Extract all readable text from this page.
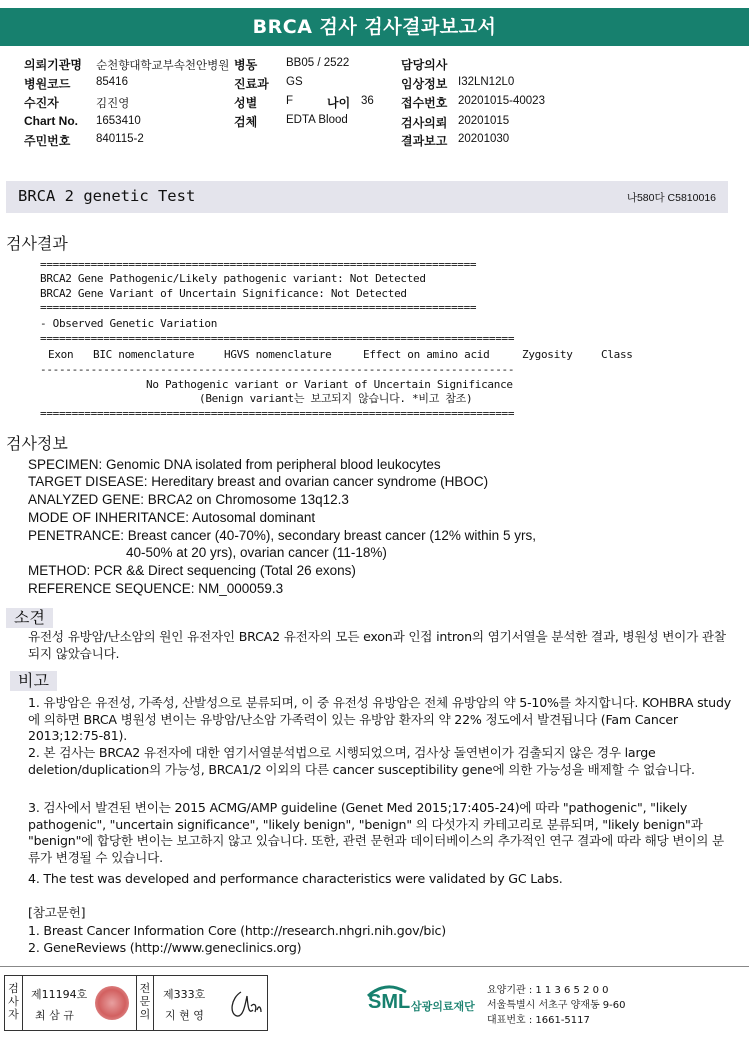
BRCA 검사 검사결과보고서
의뢰기관명 순천향대학교부속천안병원 병동	BB05 / 2522	담당의사
병원코드 85416	진료과 GS	임상정보 I32LN12L0
수진자	김진영	성별	F	나이 36 접수번호 20201015-40023
Chart No. 1653410	검체	EDTA Blood	검사의뢰 20201015
주민번호 840115-2	결과보고 20201030
BRCA 2 genetic Test	나580다 C5810016
검사결과
=====================================================================
BRCA2 Gene Pathogenic/Likely pathogenic variant: Not Detected
BRCA2 Gene Variant of Uncertain Significance: Not Detected
=====================================================================
- Observed Genetic Variation
===========================================================================
Exon BIC nomenclature	HGVS nomenclature	Effect on amino acid	Zygosity	Class
---------------------------------------------------------------------------
No Pathogenic variant or Variant of Uncertain Significance
(Benign variant는 보고되지 않습니다. *비고 참조)
===========================================================================
검사정보
SPECIMEN: Genomic DNA isolated from peripheral blood leukocytes
TARGET DISEASE: Hereditary breast and ovarian cancer syndrome (HBOC)
ANALYZED GENE: BRCA2 on Chromosome 13q12.3
MODE OF INHERITANCE: Autosomal dominant
PENETRANCE: Breast cancer (40-70%), secondary breast cancer (12% within 5 yrs,
40-50% at 20 yrs), ovarian cancer (11-18%)
METHOD: PCR && Direct sequencing (Total 26 exons)
REFERENCE SEQUENCE: NM_000059.3
소견
유전성 유방암/난소암의 원인 유전자인 BRCA2 유전자의 모든 exon과 인접 intron의 염기서열을 분석한 결과, 병원성 변이가 관찰되지 않았습니다.
비고
1. 유방암은 유전성, 가족성, 산발성으로 분류되며, 이 중 유전성 유방암은 전체 유방암의 약 5-10%를 차지합니다. KOHBRA study에 의하면 BRCA 병원성 변이는 유방암/난소암 가족력이 있는 유방암 환자의 약 22% 정도에서 발견됩니다 (Fam Cancer 2013;12:75-81).
2. 본 검사는 BRCA2 유전자에 대한 염기서열분석법으로 시행되었으며, 검사상 돌연변이가 검출되지 않은 경우 large deletion/duplication의 가능성, BRCA1/2 이외의 다른 cancer susceptibility gene에 의한 가능성을 배제할 수 없습니다.
3. 검사에서 발견된 변이는 2015 ACMG/AMP guideline (Genet Med 2015;17:405-24)에 따라 "pathogenic", "likely pathogenic", "uncertain significance", "likely benign", "benign" 의 다섯가지 카테고리로 분류되며, "likely benign"과 "benign"에 합당한 변이는 보고하지 않고 있습니다. 또한, 관련 문헌과 데이터베이스의 추가적인 연구 결과에 따라 해당 변이의 분류가 변경될 수 있습니다.
4. The test was developed and performance characteristics were validated by GC Labs.
[참고문헌]
1. Breast Cancer Information Core (http://research.nhgri.nih.gov/bic)
2. GeneReviews (http://www.geneclinics.org)
검
사
자
제11194호
최 삼 규
전
문
의
제333호
지 현 영
SML 삼광의료재단
요양기관 : 1 1 3 6 5 2 0 0
서울특별시 서초구 양재동 9-60
대표번호 : 1661-5117
